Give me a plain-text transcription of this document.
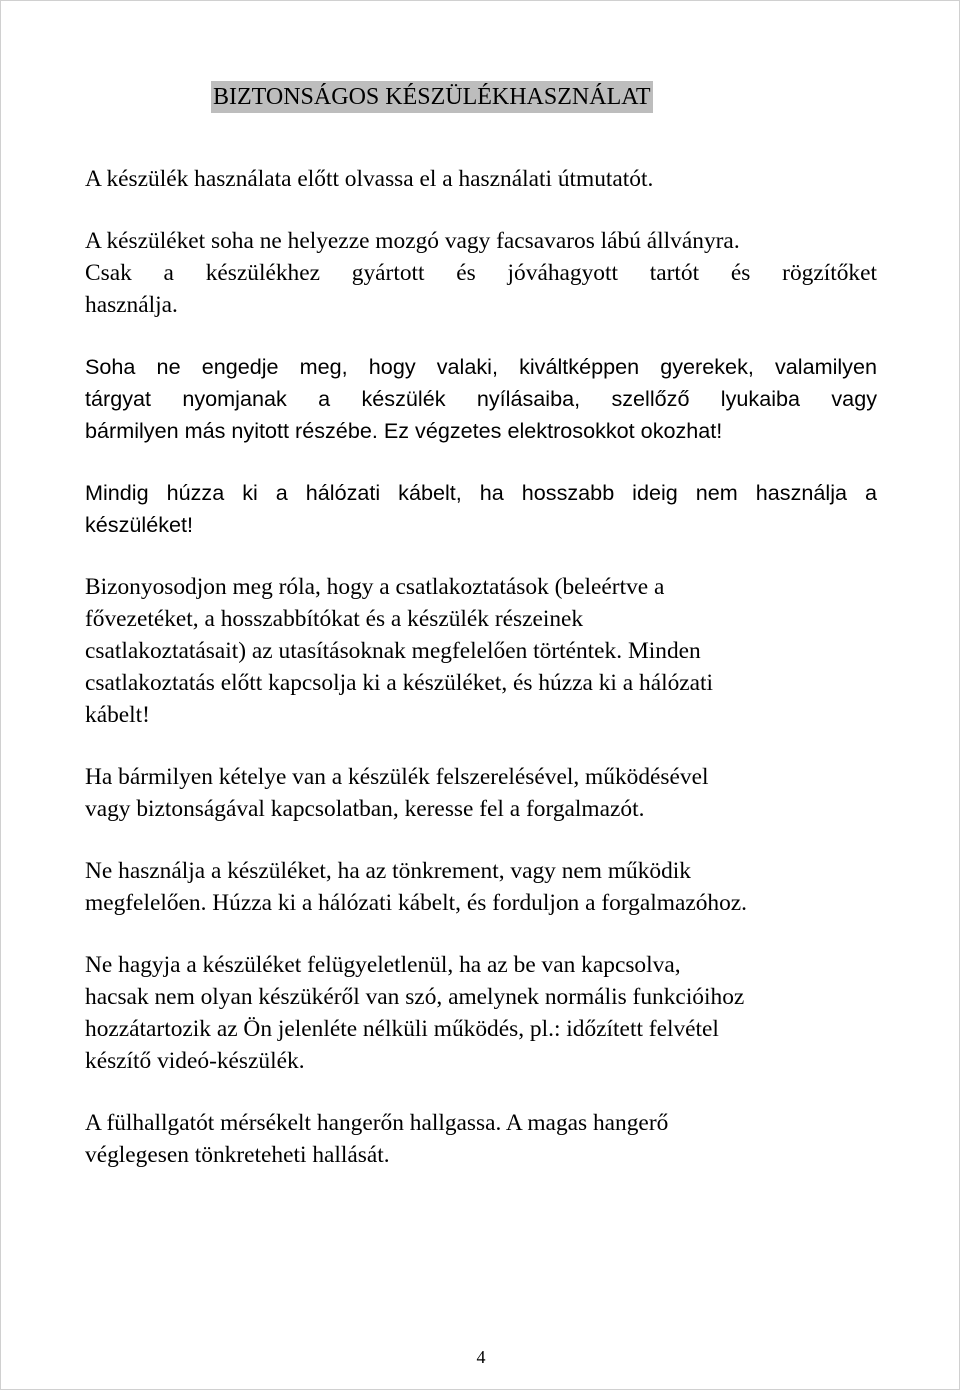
BIZTONSÁGOS KÉSZÜLÉKHASZNÁLAT

A készülék használata előtt olvassa el a használati útmutatót.

A készüléket soha ne helyezze mozgó vagy facsavaros lábú állványra.
Csak a készülékhez gyártott és jóváhagyott tartót és rögzítőket
használja.

Soha ne engedje meg, hogy valaki, kiváltképpen gyerekek, valamilyen
tárgyat nyomjanak a készülék nyílásaiba, szellőző lyukaiba vagy
bármilyen más nyitott részébe. Ez végzetes elektrosokkot okozhat!

Mindig húzza ki a hálózati kábelt, ha hosszabb ideig nem használja a
készüléket!

Bizonyosodjon meg róla, hogy a csatlakoztatások (beleértve a
fővezetéket, a hosszabbítókat és a készülék részeinek
csatlakoztatásait) az utasításoknak megfelelően történtek. Minden
csatlakoztatás előtt kapcsolja ki a készüléket, és húzza ki a hálózati
kábelt!

Ha bármilyen kételye van a készülék felszerelésével, működésével
vagy biztonságával kapcsolatban, keresse fel a forgalmazót.

Ne használja a készüléket, ha az tönkrement, vagy nem működik
megfelelően. Húzza ki a hálózati kábelt, és forduljon a forgalmazóhoz.

Ne hagyja a készüléket felügyeletlenül, ha az be van kapcsolva,
hacsak nem olyan készükéről van szó, amelynek normális funkcióihoz
hozzátartozik az Ön jelenléte nélküli működés, pl.: időzített felvétel
készítő videó-készülék.

A fülhallgatót mérsékelt hangerőn hallgassa. A magas hangerő
véglegesen tönkreteheti hallását.

4
